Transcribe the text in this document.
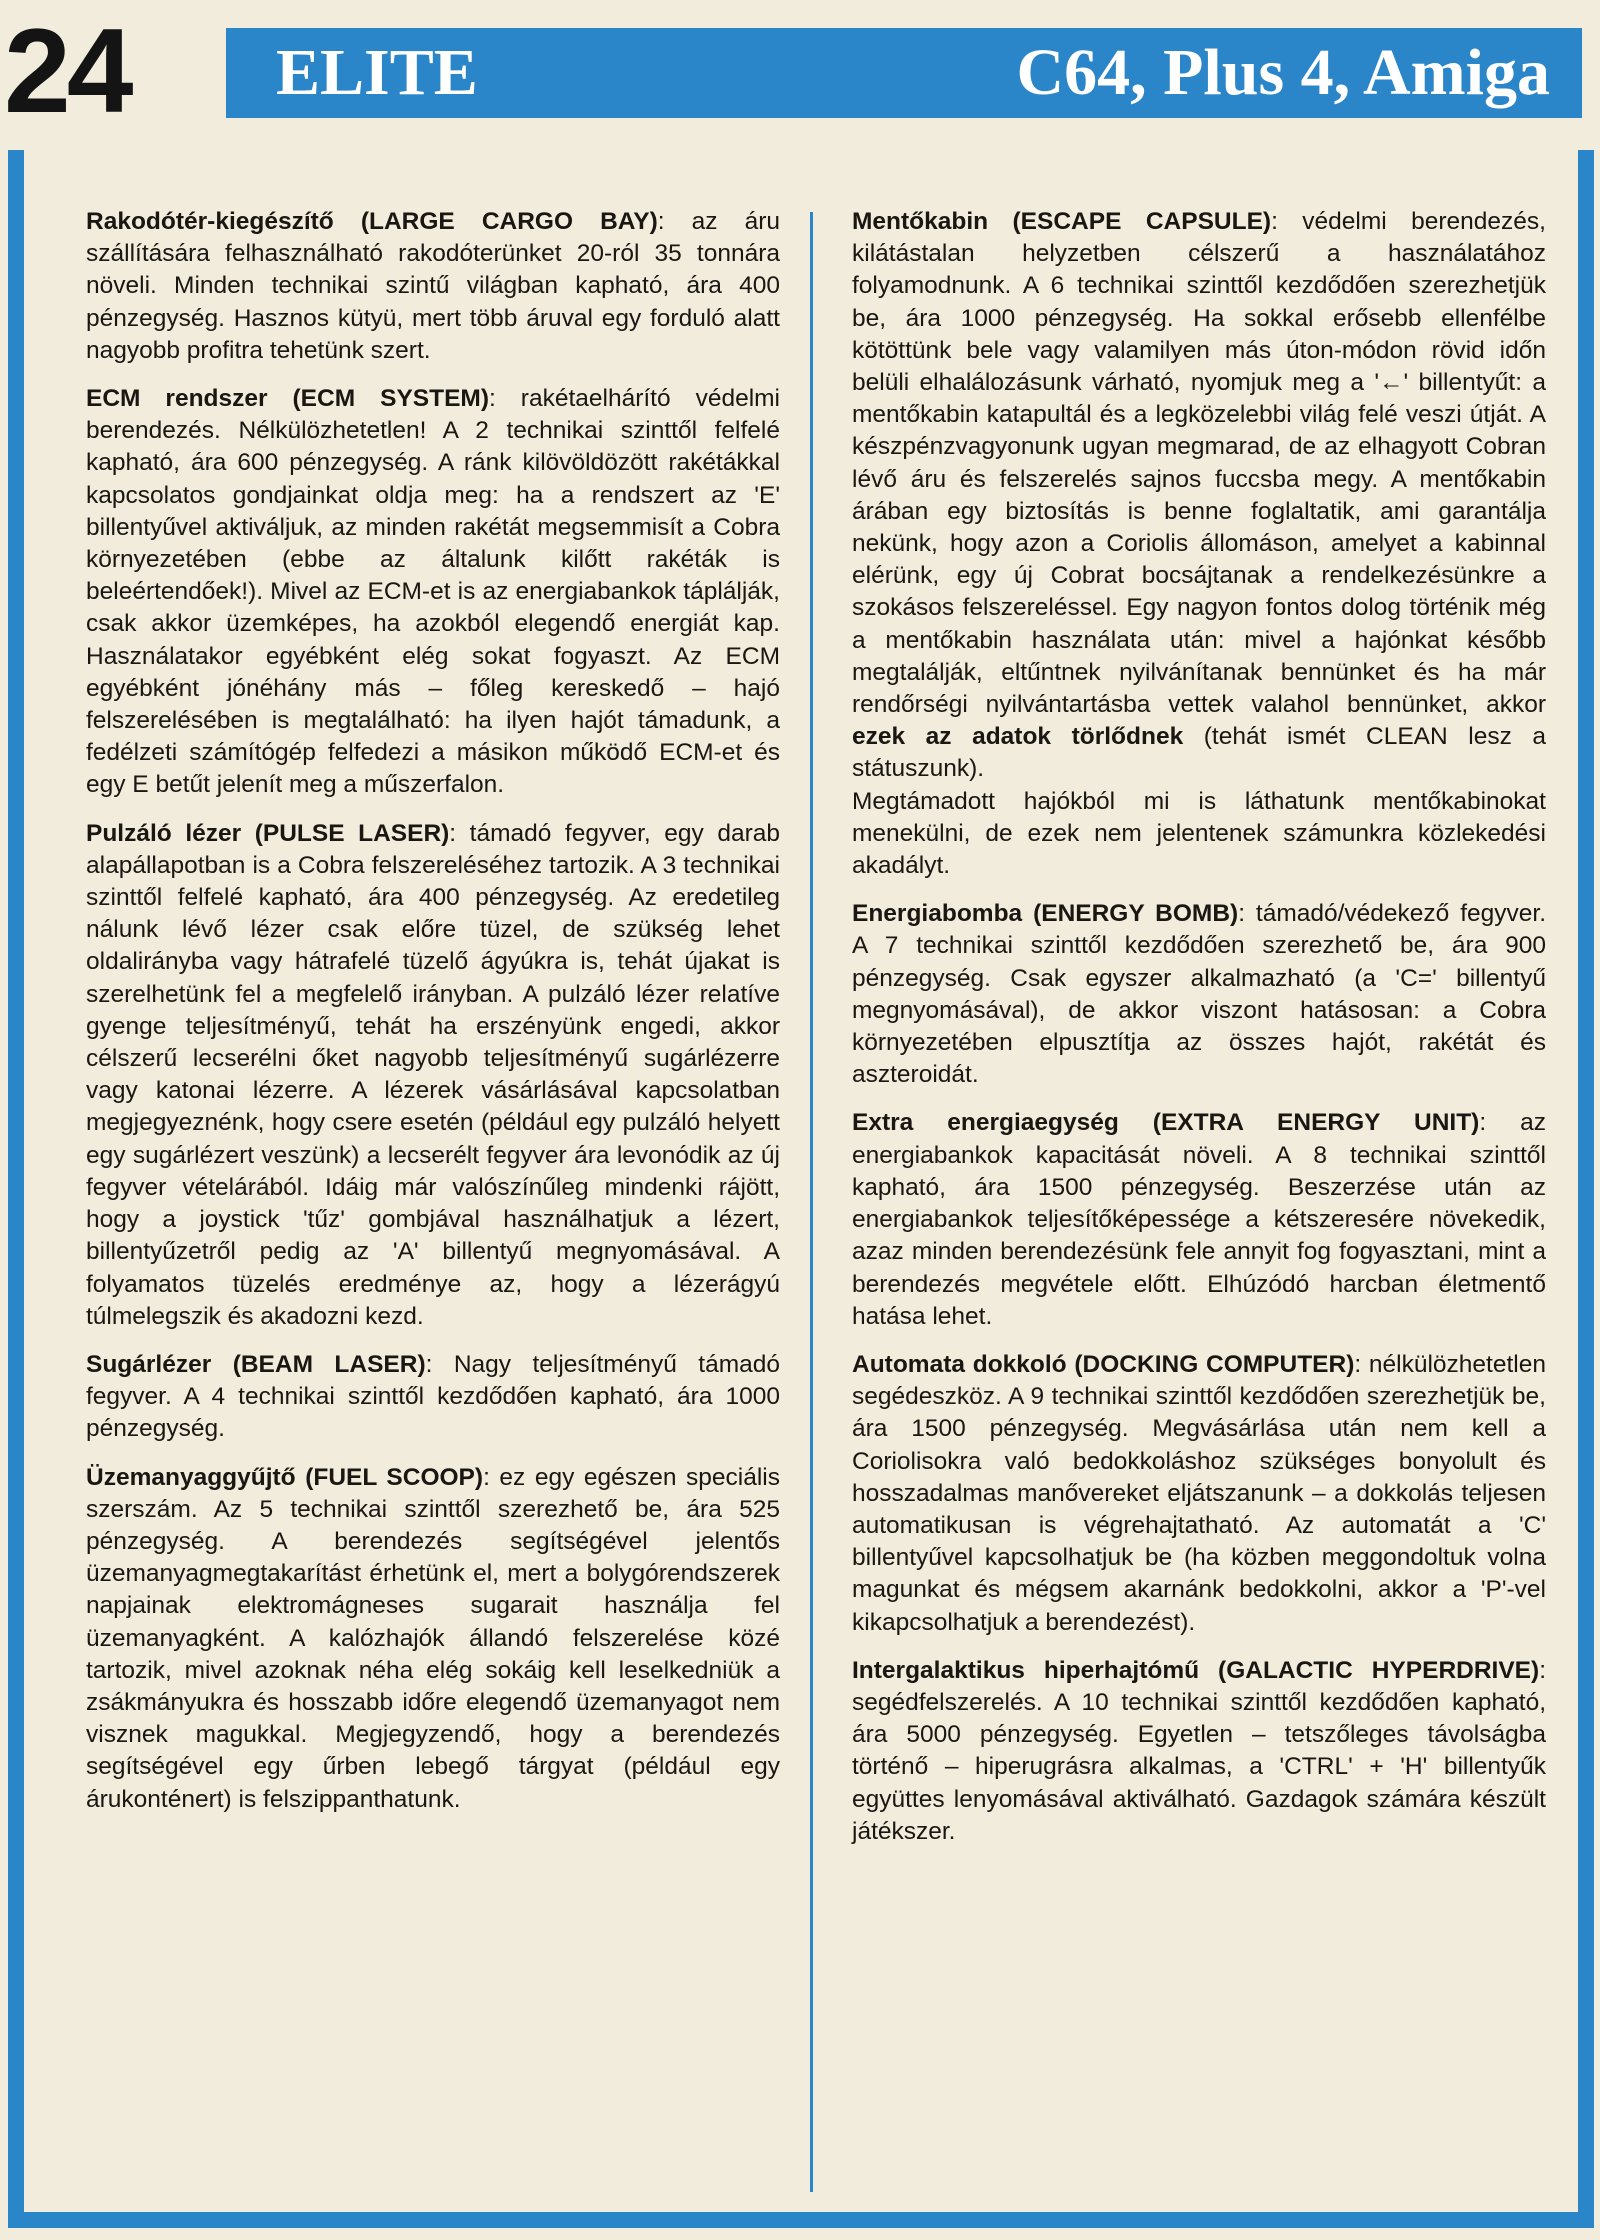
24	ELITE	C64, Plus 4, Amiga
Rakodótér-kiegészítő (LARGE CARGO BAY): az áru szállítására felhasználható rakodóterünket 20-ról 35 tonnára növeli. Minden technikai szintű világban kapható, ára 400 pénzegység. Hasznos kütyü, mert több áruval egy forduló alatt nagyobb profitra tehetünk szert.
ECM rendszer (ECM SYSTEM): rakétaelhárító védelmi berendezés. Nélkülözhetetlen! A 2 technikai szinttől felfelé kapható, ára 600 pénzegység. A ránk kilövöldözött rakétákkal kapcsolatos gondjainkat oldja meg: ha a rendszert az 'E' billentyűvel aktiváljuk, az minden rakétát megsemmisít a Cobra környezetében (ebbe az általunk kilőtt rakéták is beleértendőek!). Mivel az ECM-et is az energiabankok táplálják, csak akkor üzemképes, ha azokból elegendő energiát kap. Használatakor egyébként elég sokat fogyaszt. Az ECM egyébként jónéhány más – főleg kereskedő – hajó felszerelésében is megtalálható: ha ilyen hajót támadunk, a fedélzeti számítógép felfedezi a másikon működő ECM-et és egy E betűt jelenít meg a műszerfalon.
Pulzáló lézer (PULSE LASER): támadó fegyver, egy darab alapállapotban is a Cobra felszereléséhez tartozik. A 3 technikai szinttől felfelé kapható, ára 400 pénzegység. Az eredetileg nálunk lévő lézer csak előre tüzel, de szükség lehet oldalirányba vagy hátrafelé tüzelő ágyúkra is, tehát újakat is szerelhetünk fel a megfelelő irányban. A pulzáló lézer relatíve gyenge teljesítményű, tehát ha erszényünk engedi, akkor célszerű lecserélni őket nagyobb teljesítményű sugárlézerre vagy katonai lézerre. A lézerek vásárlásával kapcsolatban megjegyeznénk, hogy csere esetén (például egy pulzáló helyett egy sugárlézert veszünk) a lecserélt fegyver ára levonódik az új fegyver vételárából. Idáig már valószínűleg mindenki rájött, hogy a joystick 'tűz' gombjával használhatjuk a lézert, billentyűzetről pedig az 'A' billentyű megnyomásával. A folyamatos tüzelés eredménye az, hogy a lézerágyú túlmelegszik és akadozni kezd.
Sugárlézer (BEAM LASER): Nagy teljesítményű támadó fegyver. A 4 technikai szinttől kezdődően kapható, ára 1000 pénzegység.
Üzemanyaggyűjtő (FUEL SCOOP): ez egy egészen speciális szerszám. Az 5 technikai szinttől szerezhető be, ára 525 pénzegység. A berendezés segítségével jelentős üzemanyagmegtakarítást érhetünk el, mert a bolygórendszerek napjainak elektromágneses sugarait használja fel üzemanyagként. A kalózhajók állandó felszerelése közé tartozik, mivel azoknak néha elég sokáig kell leselkedniük a zsákmányukra és hosszabb időre elegendő üzemanyagot nem visznek magukkal. Megjegyzendő, hogy a berendezés segítségével egy űrben lebegő tárgyat (például egy árukonténert) is felszippanthatunk.
Mentőkabin (ESCAPE CAPSULE): védelmi berendezés, kilátástalan helyzetben célszerű a használatához folyamodnunk. A 6 technikai szinttől kezdődően szerezhetjük be, ára 1000 pénzegység. Ha sokkal erősebb ellenfélbe kötöttünk bele vagy valamilyen más úton-módon rövid időn belüli elhalálozásunk várható, nyomjuk meg a '←' billentyűt: a mentőkabin katapultál és a legközelebbi világ felé veszi útját. A készpénzvagyonunk ugyan megmarad, de az elhagyott Cobran lévő áru és felszerelés sajnos fuccsba megy. A mentőkabin árában egy biztosítás is benne foglaltatik, ami garantálja nekünk, hogy azon a Coriolis állomáson, amelyet a kabinnal elérünk, egy új Cobrat bocsájtanak a rendelkezésünkre a szokásos felszereléssel. Egy nagyon fontos dolog történik még a mentőkabin használata után: mivel a hajónkat később megtalálják, eltűntnek nyilvánítanak bennünket és ha már rendőrségi nyilvántartásba vettek valahol bennünket, akkor ezek az adatok törlődnek (tehát ismét CLEAN lesz a státuszunk).

Megtámadott hajókból mi is láthatunk mentőkabinokat menekülni, de ezek nem jelentenek számunkra közlekedési akadályt.

Energiabomba (ENERGY BOMB): támadó/védekező fegyver. A 7 technikai szinttől kezdődően szerezhető be, ára 900 pénzegység. Csak egyszer alkalmazható (a 'C=' billentyű megnyomásával), de akkor viszont hatásosan: a Cobra környezetében elpusztítja az összes hajót, rakétát és aszteroidát.
Extra energiaegység (EXTRA ENERGY UNIT): az energiabankok kapacitását növeli. A 8 technikai szinttől kapható, ára 1500 pénzegység. Beszerzése után az energiabankok teljesítőképessége a kétszeresére növekedik, azaz minden berendezésünk fele annyit fog fogyasztani, mint a berendezés megvétele előtt. Elhúzódó harcban életmentő hatása lehet.
Automata dokkoló (DOCKING COMPUTER): nélkülözhetetlen segédeszköz. A 9 technikai szinttől kezdődően szerezhetjük be, ára 1500 pénzegység. Megvásárlása után nem kell a Coriolisokra való bedokkoláshoz szükséges bonyolult és hosszadalmas manővereket eljátszanunk – a dokkolás teljesen automatikusan is végrehajtatható. Az automatát a 'C' billentyűvel kapcsolhatjuk be (ha közben meggondoltuk volna magunkat és mégsem akarnánk bedokkolni, akkor a 'P'-vel kikapcsolhatjuk a berendezést).
Intergalaktikus hiperhajtómű (GALACTIC HYPERDRIVE): segédfelszerelés. A 10 technikai szinttől kezdődően kapható, ára 5000 pénzegység. Egyetlen – tetszőleges távolságba történő – hiperugrásra alkalmas, a 'CTRL' + 'H' billentyűk együttes lenyomásával aktiválható. Gazdagok számára készült játékszer.
